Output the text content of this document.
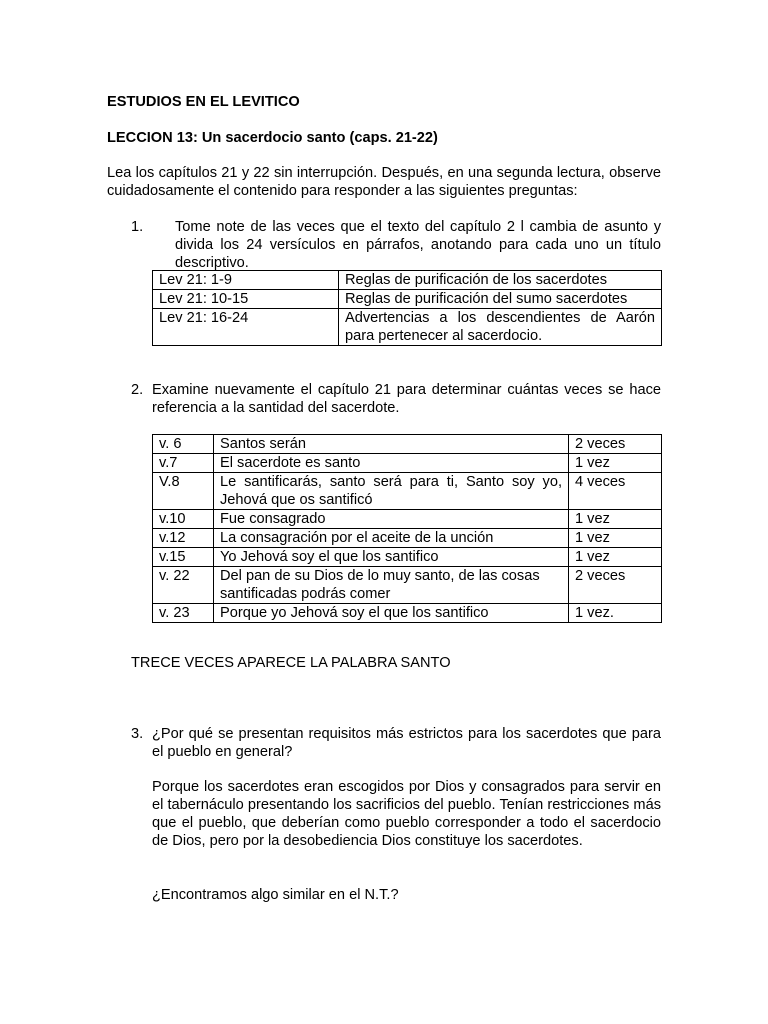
ESTUDIOS EN EL LEVITICO
LECCION 13: Un sacerdocio santo (caps. 21-22)
Lea los capítulos 21 y 22 sin interrupción. Después, en una segunda lectura, observe cuidadosamente el contenido para responder a las siguientes preguntas:
1. Tome note de las veces que el texto del capítulo 2 l cambia de asunto y divida los 24 versículos en párrafos, anotando para cada uno un título descriptivo.
Lev 21: 1-9	Reglas de purificación de los sacerdotes
Lev 21: 10-15	Reglas de purificación del sumo sacerdotes
Lev 21: 16-24	Advertencias a los descendientes de Aarón para pertenecer al sacerdocio.
2. Examine nuevamente el capítulo 21 para determinar cuántas veces se hace referencia a la santidad del sacerdote.
v. 6	Santos serán	2 veces
v.7	El sacerdote es santo	1 vez
V.8	Le santificarás, santo será para ti, Santo soy yo, Jehová que os santificó	4 veces
v.10	Fue consagrado	1 vez
v.12	La consagración por el aceite de la unción	1 vez
v.15	Yo Jehová soy el que los santifico	1 vez
v. 22	Del pan de su Dios de lo muy santo, de las cosas santificadas podrás comer	2 veces
v. 23	Porque yo Jehová soy el que los santifico	1 vez.
TRECE VECES APARECE LA PALABRA SANTO
3. ¿Por qué se presentan requisitos más estrictos para los sacerdotes que para el pueblo en general?
Porque los sacerdotes eran escogidos por Dios y consagrados para servir en el tabernáculo presentando los sacrificios del pueblo. Tenían restricciones más que el pueblo, que deberían como pueblo corresponder a todo el sacerdocio de Dios, pero por la desobediencia Dios constituye los sacerdotes.
¿Encontramos algo similar en el N.T.?
